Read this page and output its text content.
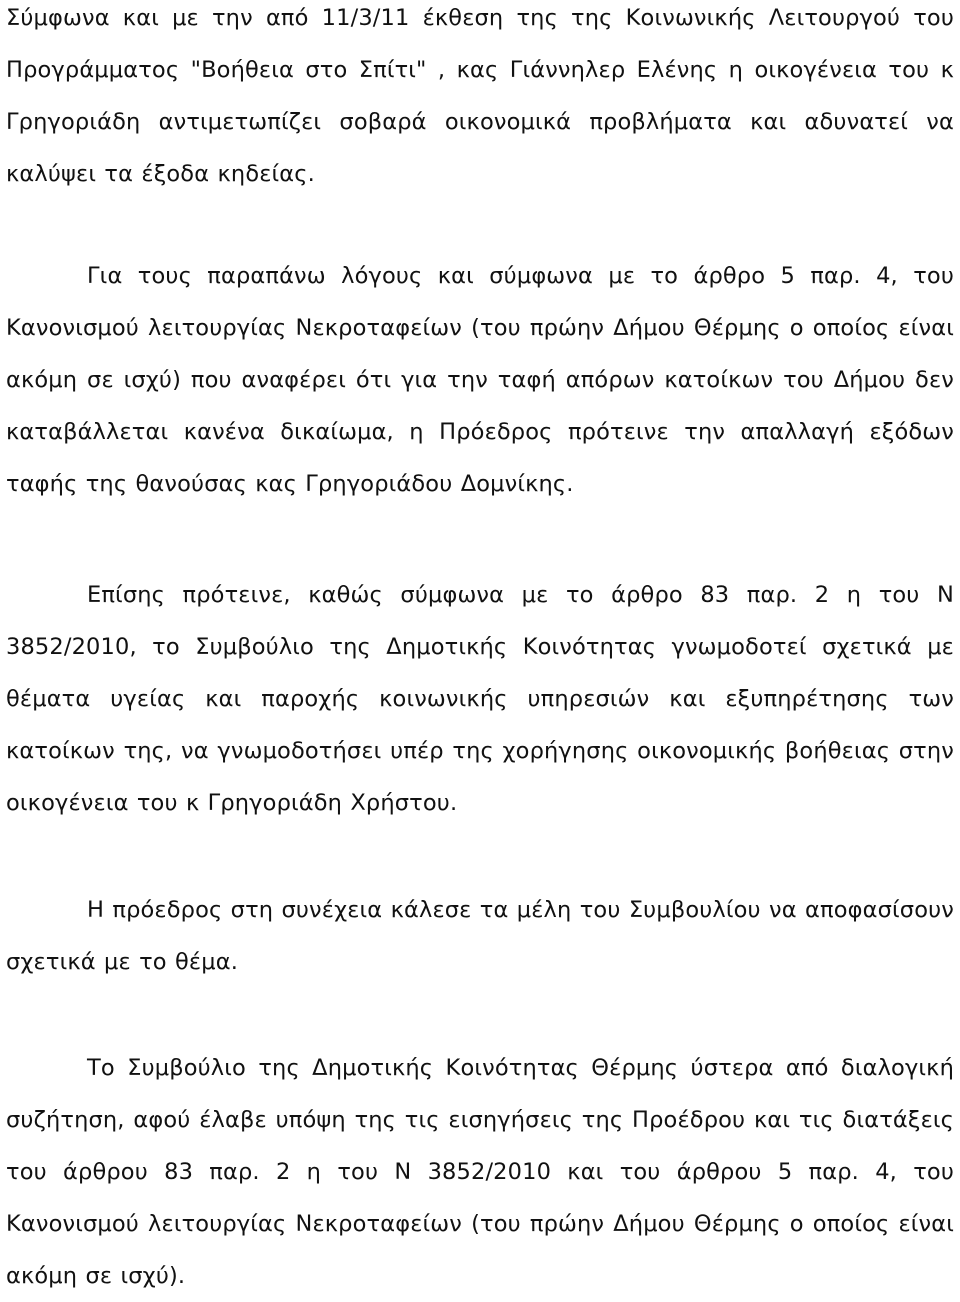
Σύμφωνα και με την από 11/3/11 έκθεση της της Κοινωνικής Λειτουργού του Προγράμματος "Βοήθεια στο Σπίτι" , κας Γιάννηλερ Ελένης η οικογένεια του κ Γρηγοριάδη αντιμετωπίζει σοβαρά οικονομικά προβλήματα και αδυνατεί να καλύψει τα έξοδα κηδείας.

Για τους παραπάνω λόγους και σύμφωνα με το άρθρο 5 παρ. 4, του Κανονισμού λειτουργίας Νεκροταφείων (του πρώην Δήμου Θέρμης ο οποίος είναι ακόμη σε ισχύ) που αναφέρει ότι για την ταφή απόρων κατοίκων του Δήμου δεν καταβάλλεται κανένα δικαίωμα, η Πρόεδρος πρότεινε την απαλλαγή εξόδων ταφής της θανούσας κας Γρηγοριάδου Δομνίκης.

Επίσης πρότεινε, καθώς σύμφωνα με το άρθρο 83 παρ. 2 η του Ν 3852/2010, το Συμβούλιο της Δημοτικής Κοινότητας γνωμοδοτεί σχετικά με θέματα υγείας και παροχής κοινωνικής υπηρεσιών και εξυπηρέτησης των κατοίκων της, να γνωμοδοτήσει υπέρ της χορήγησης οικονομικής βοήθειας στην οικογένεια του κ Γρηγοριάδη Χρήστου.

Η πρόεδρος στη συνέχεια κάλεσε τα μέλη του Συμβουλίου να αποφασίσουν σχετικά με το θέμα.

Το Συμβούλιο της Δημοτικής Κοινότητας Θέρμης ύστερα από διαλογική συζήτηση, αφού έλαβε υπόψη της τις εισηγήσεις της Προέδρου και τις διατάξεις του άρθρου 83 παρ. 2 η του Ν 3852/2010 και του άρθρου 5 παρ. 4, του Κανονισμού λειτουργίας Νεκροταφείων (του πρώην Δήμου Θέρμης ο οποίος είναι ακόμη σε ισχύ).
